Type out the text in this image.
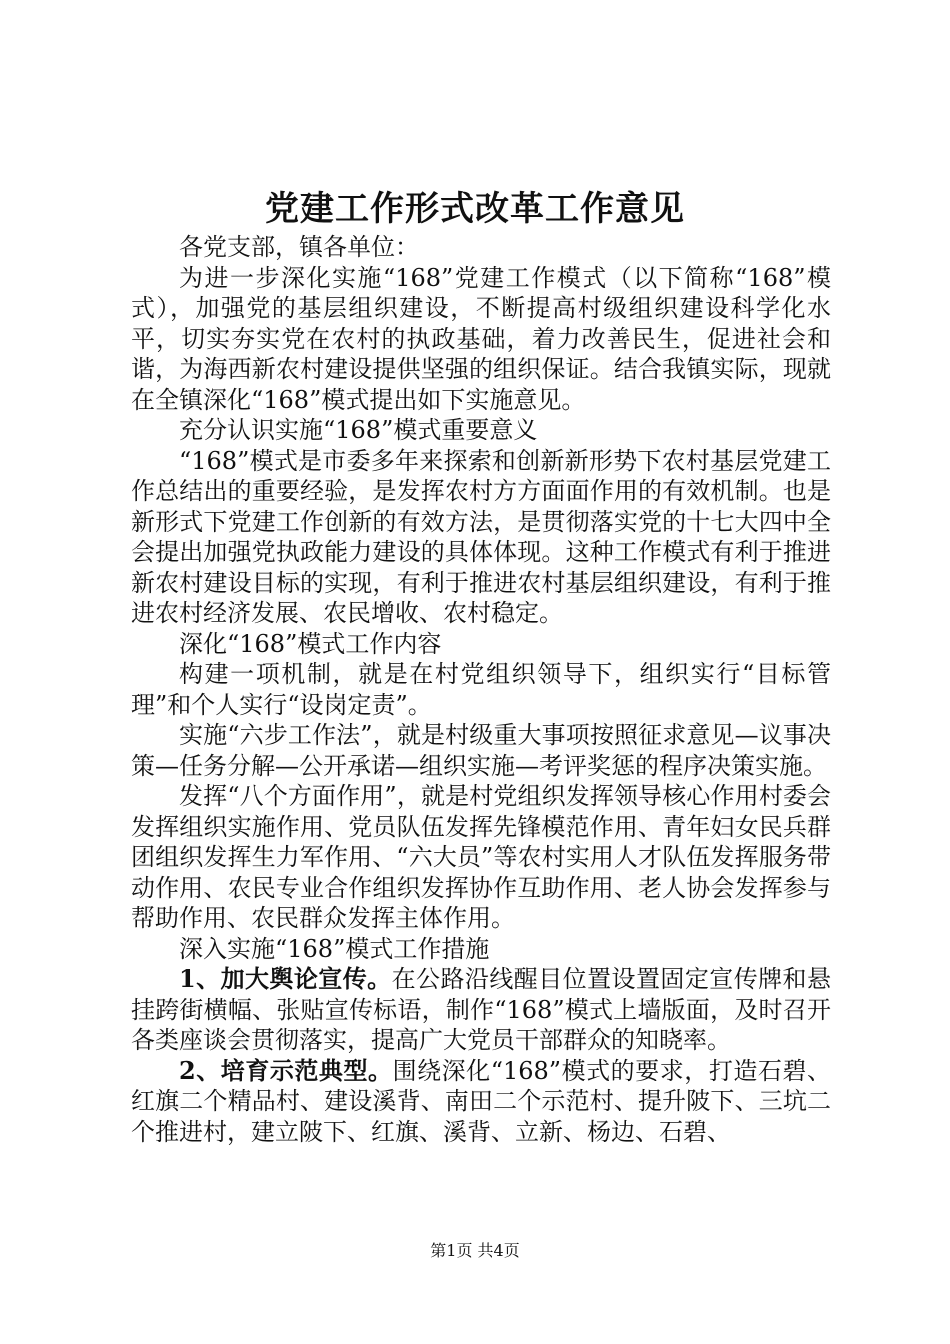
党建工作形式改革工作意见

各党支部，镇各单位：

为进一步深化实施“168”党建工作模式（以下简称“168”模式），加强党的基层组织建设，不断提高村级组织建设科学化水平，切实夯实党在农村的执政基础，着力改善民生，促进社会和谐，为海西新农村建设提供坚强的组织保证。结合我镇实际，现就在全镇深化“168”模式提出如下实施意见。

充分认识实施“168”模式重要意义

“168”模式是市委多年来探索和创新新形势下农村基层党建工作总结出的重要经验，是发挥农村方方面面作用的有效机制。也是新形式下党建工作创新的有效方法，是贯彻落实党的十七大四中全会提出加强党执政能力建设的具体体现。这种工作模式有利于推进新农村建设目标的实现，有利于推进农村基层组织建设，有利于推进农村经济发展、农民增收、农村稳定。

深化“168”模式工作内容

构建一项机制，就是在村党组织领导下，组织实行“目标管理”和个人实行“设岗定责”。

实施“六步工作法”，就是村级重大事项按照征求意见—议事决策—任务分解—公开承诺—组织实施—考评奖惩的程序决策实施。

发挥“八个方面作用”，就是村党组织发挥领导核心作用村委会发挥组织实施作用、党员队伍发挥先锋模范作用、青年妇女民兵群团组织发挥生力军作用、“六大员”等农村实用人才队伍发挥服务带动作用、农民专业合作组织发挥协作互助作用、老人协会发挥参与帮助作用、农民群众发挥主体作用。

深入实施“168”模式工作措施

1、加大舆论宣传。在公路沿线醒目位置设置固定宣传牌和悬挂跨街横幅、张贴宣传标语，制作“168”模式上墙版面，及时召开各类座谈会贯彻落实，提高广大党员干部群众的知晓率。

2、培育示范典型。围绕深化“168”模式的要求，打造石碧、红旗二个精品村、建设溪背、南田二个示范村、提升陂下、三坑二个推进村，建立陂下、红旗、溪背、立新、杨边、石碧、

第1页 共4页
